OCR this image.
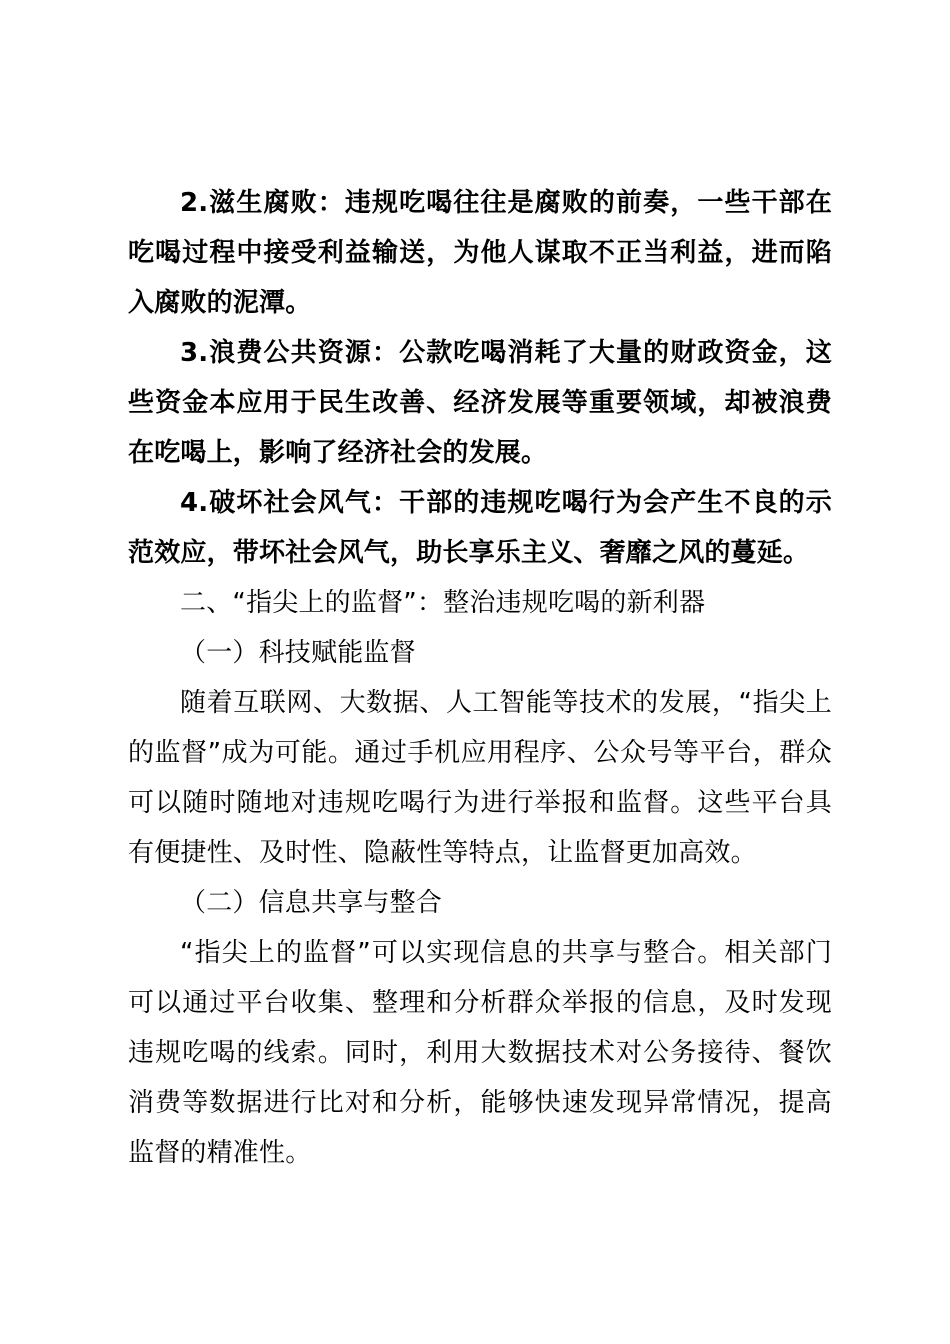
2.滋生腐败：违规吃喝往往是腐败的前奏，一些干部在吃喝过程中接受利益输送，为他人谋取不正当利益，进而陷入腐败的泥潭。

3.浪费公共资源：公款吃喝消耗了大量的财政资金，这些资金本应用于民生改善、经济发展等重要领域，却被浪费在吃喝上，影响了经济社会的发展。

4.破坏社会风气：干部的违规吃喝行为会产生不良的示范效应，带坏社会风气，助长享乐主义、奢靡之风的蔓延。

二、“指尖上的监督”：整治违规吃喝的新利器

（一）科技赋能监督

随着互联网、大数据、人工智能等技术的发展，“指尖上的监督”成为可能。通过手机应用程序、公众号等平台，群众可以随时随地对违规吃喝行为进行举报和监督。这些平台具有便捷性、及时性、隐蔽性等特点，让监督更加高效。

（二）信息共享与整合

“指尖上的监督”可以实现信息的共享与整合。相关部门可以通过平台收集、整理和分析群众举报的信息，及时发现违规吃喝的线索。同时，利用大数据技术对公务接待、餐饮消费等数据进行比对和分析，能够快速发现异常情况，提高监督的精准性。
